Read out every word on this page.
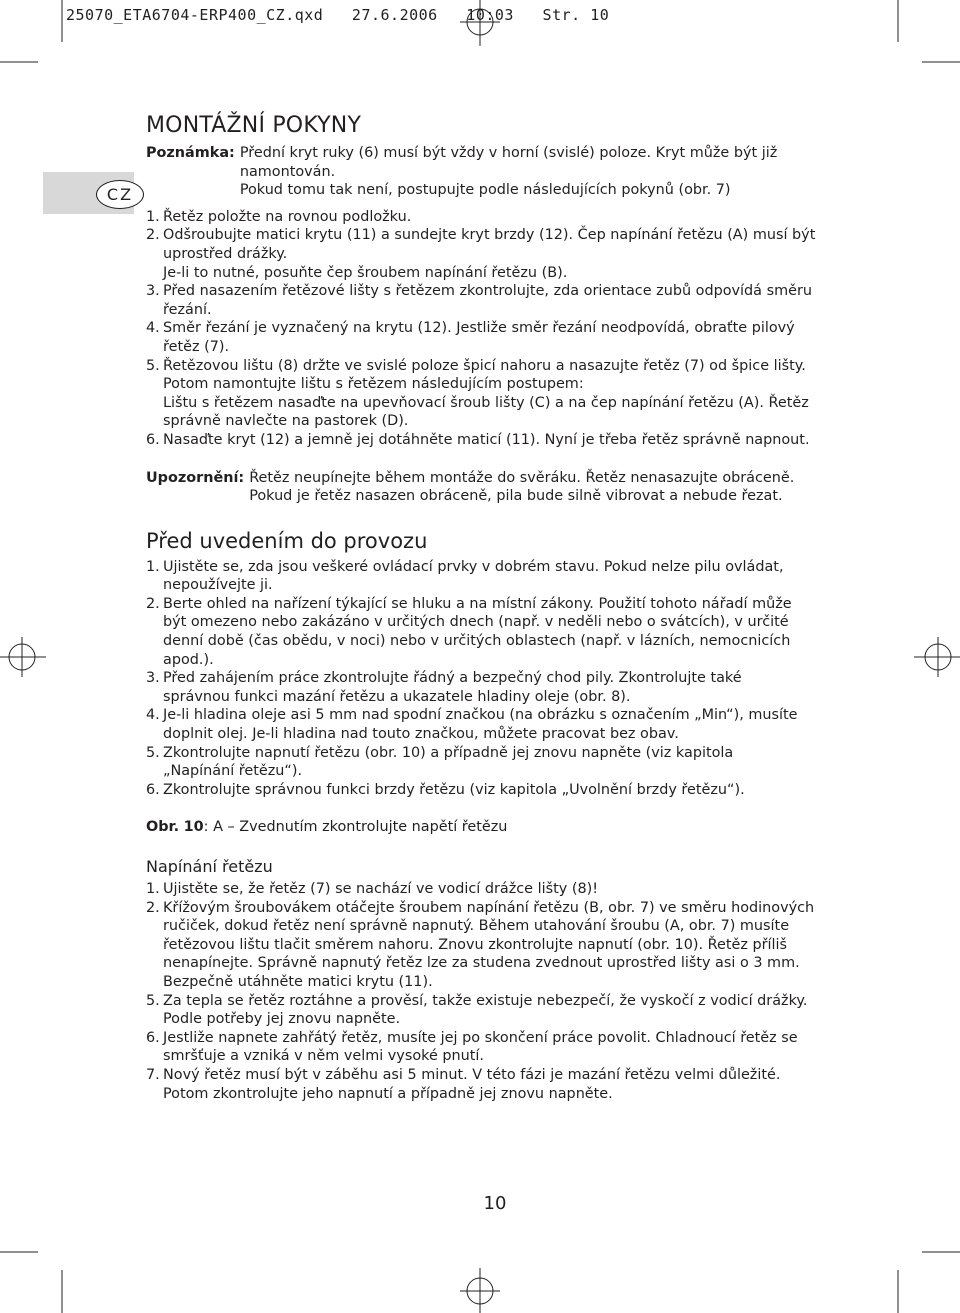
25070_ETA6704-ERP400_CZ.qxd   27.6.2006   10:03   Str. 10
CZ
MONTÁŽNÍ POKYNY
Poznámka: Přední kryt ruky (6) musí být vždy v horní (svislé) poloze. Kryt může být již
namontován.
Pokud tomu tak není, postupujte podle následujících pokynů (obr. 7)
1. Řetěz položte na rovnou podložku.
2. Odšroubujte matici krytu (11) a sundejte kryt brzdy (12). Čep napínání řetězu (A) musí být
uprostřed drážky.
Je-li to nutné, posuňte čep šroubem napínání řetězu (B).
3. Před nasazením řetězové lišty s řetězem zkontrolujte, zda orientace zubů odpovídá směru
řezání.
4. Směr řezání je vyznačený na krytu (12). Jestliže směr řezání neodpovídá, obraťte pilový
řetěz (7).
5. Řetězovou lištu (8) držte ve svislé poloze špicí nahoru a nasazujte řetěz (7) od špice lišty.
Potom namontujte lištu s řetězem následujícím postupem:
Lištu s řetězem nasaďte na upevňovací šroub lišty (C) a na čep napínání řetězu (A). Řetěz
správně navlečte na pastorek (D).
6. Nasaďte kryt (12) a jemně jej dotáhněte maticí (11). Nyní je třeba řetěz správně napnout.
Upozornění: Řetěz neupínejte během montáže do svěráku. Řetěz nenasazujte obráceně.
Pokud je řetěz nasazen obráceně, pila bude silně vibrovat a nebude řezat.
Před uvedením do provozu
1. Ujistěte se, zda jsou veškeré ovládací prvky v dobrém stavu. Pokud nelze pilu ovládat,
nepoužívejte ji.
2. Berte ohled na nařízení týkající se hluku a na místní zákony. Použití tohoto nářadí může
být omezeno nebo zakázáno v určitých dnech (např. v neděli nebo o svátcích), v určité
denní době (čas obědu, v noci) nebo v určitých oblastech (např. v lázních, nemocnicích
apod.).
3. Před zahájením práce zkontrolujte řádný a bezpečný chod pily. Zkontrolujte také
správnou funkci mazání řetězu a ukazatele hladiny oleje (obr. 8).
4. Je-li hladina oleje asi 5 mm nad spodní značkou (na obrázku s označením „Min“), musíte
doplnit olej. Je-li hladina nad touto značkou, můžete pracovat bez obav.
5. Zkontrolujte napnutí řetězu (obr. 10) a případně jej znovu napněte (viz kapitola
„Napínání řetězu“).
6. Zkontrolujte správnou funkci brzdy řetězu (viz kapitola „Uvolnění brzdy řetězu“).
Obr. 10: A – Zvednutím zkontrolujte napětí řetězu
Napínání řetězu
1. Ujistěte se, že řetěz (7) se nachází ve vodicí drážce lišty (8)!
2. Křížovým šroubovákem otáčejte šroubem napínání řetězu (B, obr. 7) ve směru hodinových
ručiček, dokud řetěz není správně napnutý. Během utahování šroubu (A, obr. 7) musíte
řetězovou lištu tlačit směrem nahoru. Znovu zkontrolujte napnutí (obr. 10). Řetěz příliš
nenapínejte. Správně napnutý řetěz lze za studena zvednout uprostřed lišty asi o 3 mm.
Bezpečně utáhněte matici krytu (11).
5. Za tepla se řetěz roztáhne a prověsí, takže existuje nebezpečí, že vyskočí z vodicí drážky.
Podle potřeby jej znovu napněte.
6. Jestliže napnete zahřátý řetěz, musíte jej po skončení práce povolit. Chladnoucí řetěz se
smršťuje a vzniká v něm velmi vysoké pnutí.
7. Nový řetěz musí být v záběhu asi 5 minut. V této fázi je mazání řetězu velmi důležité.
Potom zkontrolujte jeho napnutí a případně jej znovu napněte.
10
